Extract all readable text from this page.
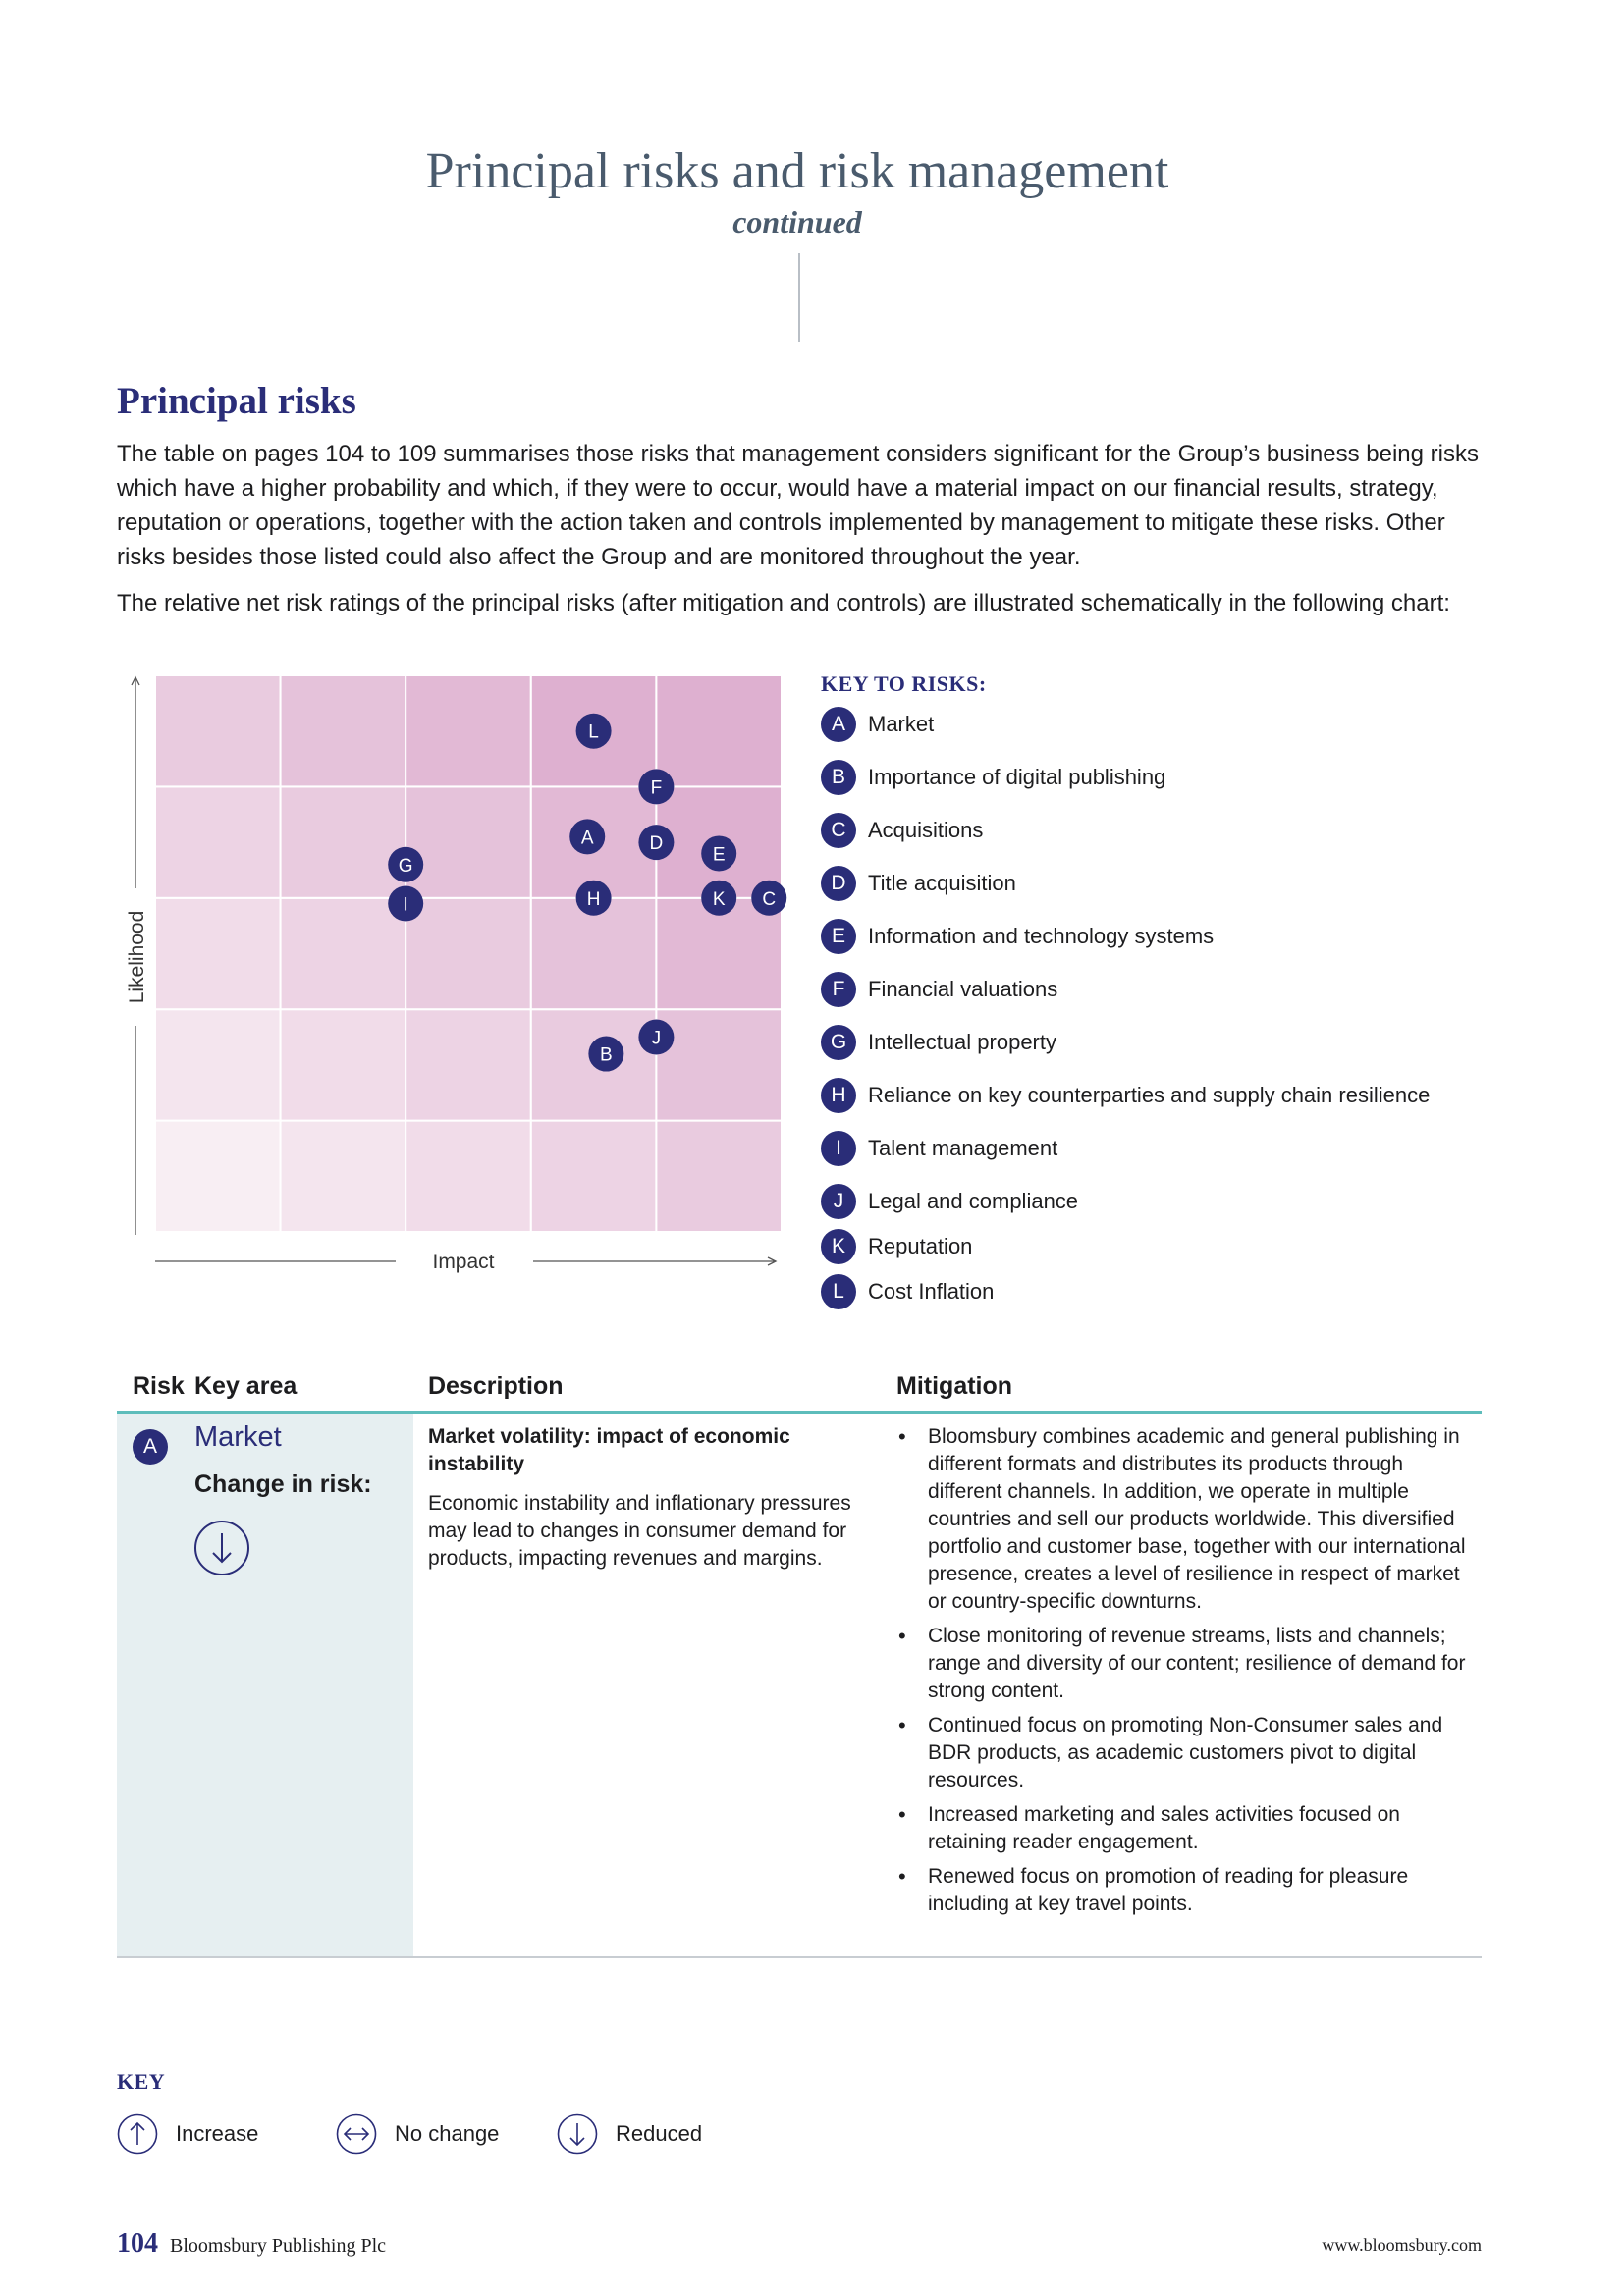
Principal risks and risk management
continued
Principal risks
The table on pages 104 to 109 summarises those risks that management considers significant for the Group’s business being risks which have a higher probability and which, if they were to occur, would have a material impact on our financial results, strategy, reputation or operations, together with the action taken and controls implemented by management to mitigate these risks. Other risks besides those listed could also affect the Group and are monitored throughout the year.
The relative net risk ratings of the principal risks (after mitigation and controls) are illustrated schematically in the following chart:
Likelihood
Impact
L
F
A	D
E
G
I	H	K C
J
B
KEY TO RISKS:
A	Market
B	Importance of digital publishing
C	Acquisitions
D	Title acquisition
E	Information and technology systems
F	Financial valuations
G Intellectual property
H	Reliance on key counterparties and supply chain resilience
I	Talent management
J	Legal and compliance
K	Reputation
L	Cost Inflation
Risk Key area	Description	Mitigation
A	Market
Change in risk:
Market volatility: impact of economic instability
Economic instability and inflationary pressures may lead to changes in consumer demand for products, impacting revenues and margins.
• Bloomsbury combines academic and general publishing in different formats and distributes its products through different channels. In addition, we operate in multiple countries and sell our products worldwide. This diversified portfolio and customer base, together with our international presence, creates a level of resilience in respect of market or country-specific downturns.
• Close monitoring of revenue streams, lists and channels; range and diversity of our content; resilience of demand for strong content.
• Continued focus on promoting Non-Consumer sales and BDR products, as academic customers pivot to digital resources.
• Increased marketing and sales activities focused on retaining reader engagement.
• Renewed focus on promotion of reading for pleasure including at key travel points.
KEY
Increase	No change	Reduced
104 Bloomsbury Publishing Plc	www.bloomsbury.com
